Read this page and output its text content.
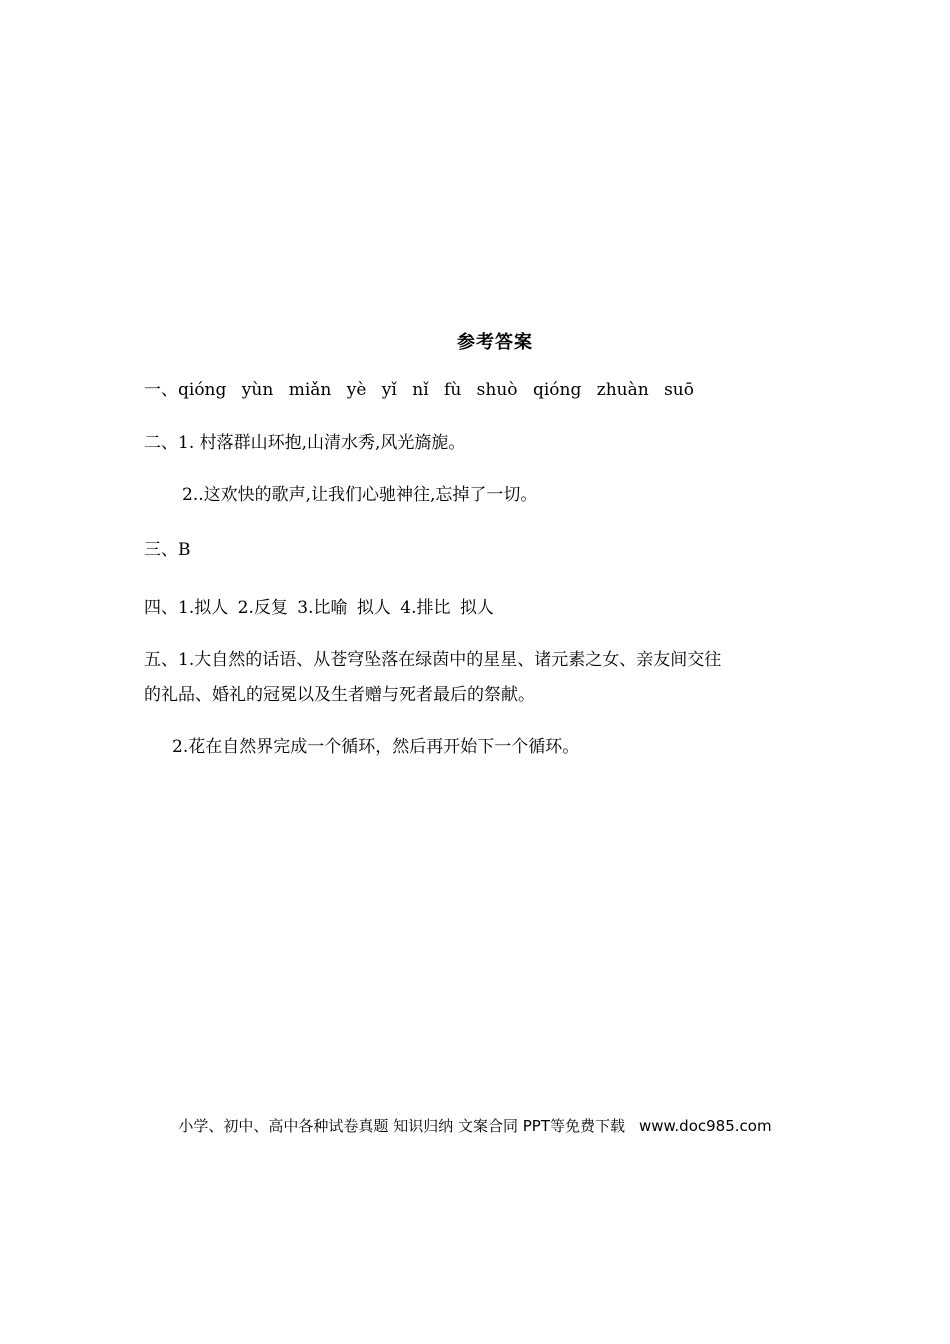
参考答案
一、qióng yùn miǎn yè yǐ nǐ fù shuò qióng zhuàn suō
二、1. 村落群山环抱,山清水秀,风光旖旎。
2..这欢快的歌声,让我们心驰神往,忘掉了一切。
三、B
四、1.拟人 2.反复 3.比喻 拟人 4.排比 拟人
五、1.大自然的话语、从苍穹坠落在绿茵中的星星、诸元素之女、亲友间交往
的礼品、婚礼的冠冕以及生者赠与死者最后的祭献。
2.花在自然界完成一个循环，然后再开始下一个循环。
小学、初中、高中各种试卷真题 知识归纳 文案合同 PPT等免费下载 www.doc985.com
